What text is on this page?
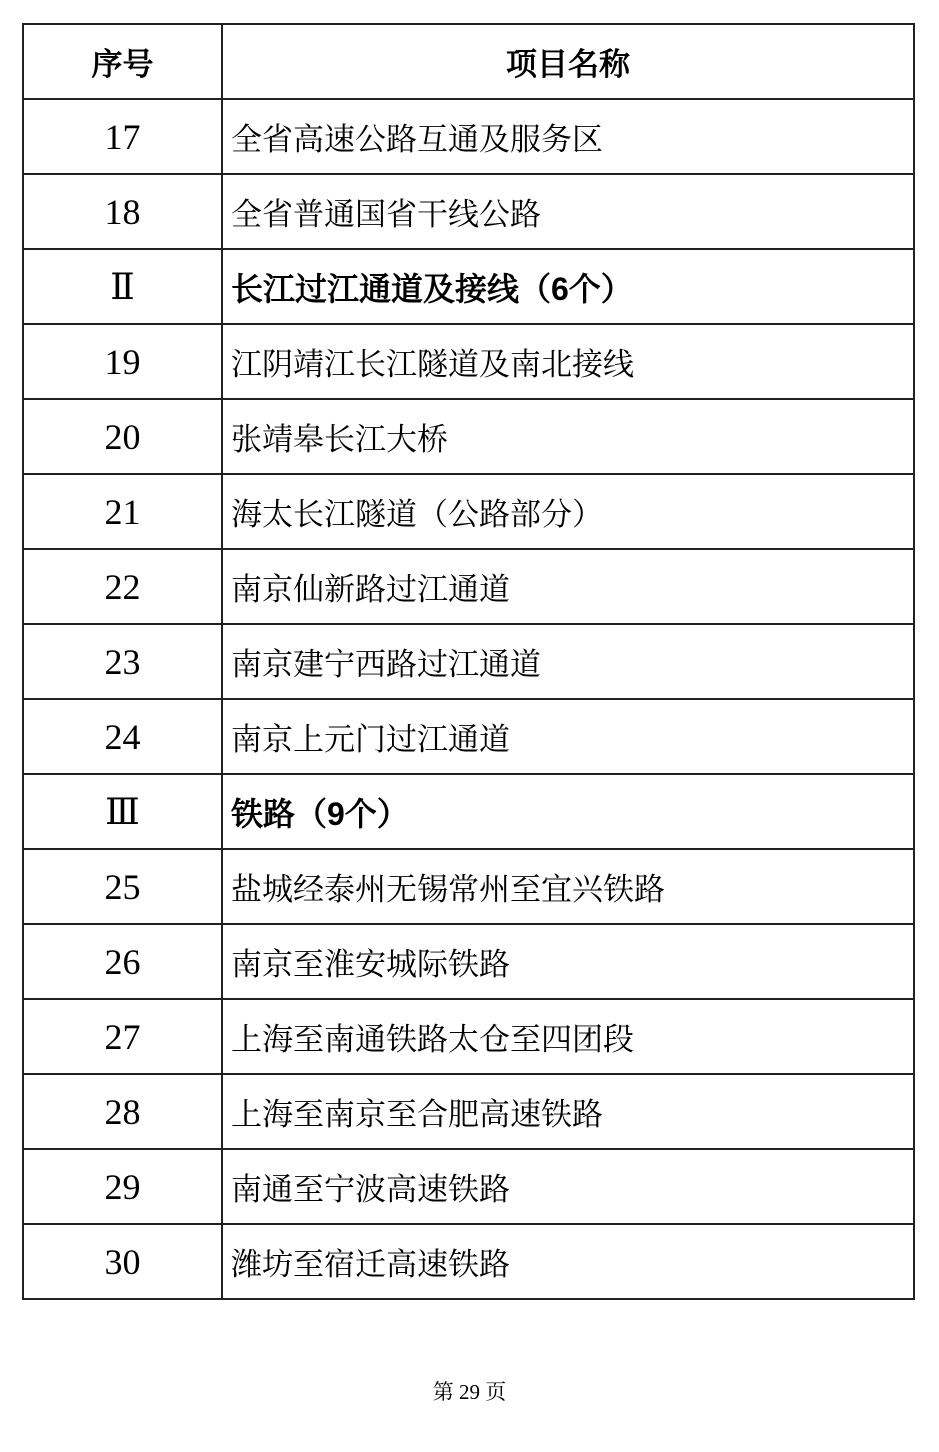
序号	项目名称
17	全省高速公路互通及服务区
18	全省普通国省干线公路
Ⅱ	长江过江通道及接线（6个）
19	江阴靖江长江隧道及南北接线
20	张靖皋长江大桥
21	海太长江隧道（公路部分）
22	南京仙新路过江通道
23	南京建宁西路过江通道
24	南京上元门过江通道
Ⅲ	铁路（9个）
25	盐城经泰州无锡常州至宜兴铁路
26	南京至淮安城际铁路
27	上海至南通铁路太仓至四团段
28	上海至南京至合肥高速铁路
29	南通至宁波高速铁路
30	潍坊至宿迁高速铁路
第 29 页
